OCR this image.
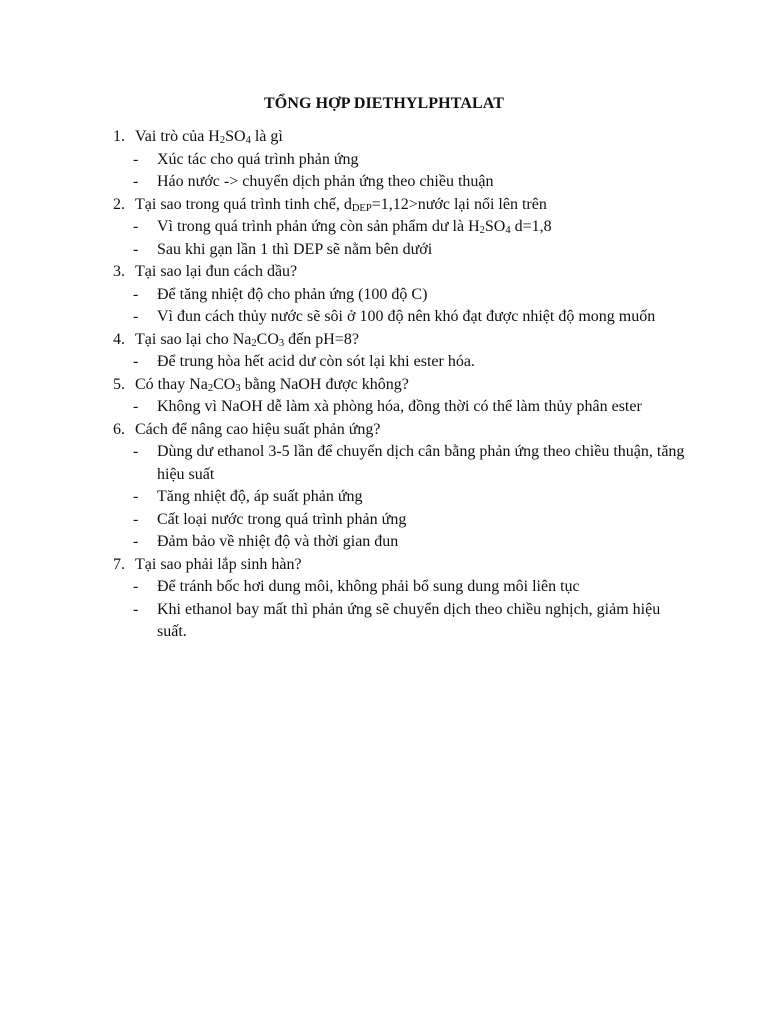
TỔNG HỢP DIETHYLPHTALAT
1. Vai trò của $H_2SO_4$ là gì
- Xúc tác cho quá trình phản ứng
- Háo nước -> chuyển dịch phản ứng theo chiều thuận
2. Tại sao trong quá trình tinh chế, $d_{DEP}=1,12>nước$ lại nổi lên trên
- Vì trong quá trình phản ứng còn sản phẩm dư là $H_2SO_4$ d=1,8
- Sau khi gạn lần 1 thì DEP sẽ nằm bên dưới
3. Tại sao lại đun cách dầu?
- Để tăng nhiệt độ cho phản ứng (100 độ C)
- Vì đun cách thủy nước sẽ sôi ở 100 độ nên khó đạt được nhiệt độ mong muốn
4. Tại sao lại cho $Na_2CO_3$ đến pH=8?
- Để trung hòa hết acid dư còn sót lại khi ester hóa.
5. Có thay $Na_2CO_3$ bằng NaOH được không?
- Không vì NaOH dễ làm xà phòng hóa, đồng thời có thể làm thủy phân ester
6. Cách để nâng cao hiệu suất phản ứng?
- Dùng dư ethanol 3-5 lần để chuyển dịch cân bằng phản ứng theo chiều thuận, tăng hiệu suất
- Tăng nhiệt độ, áp suất phản ứng
- Cất loại nước trong quá trình phản ứng
- Đảm bảo về nhiệt độ và thời gian đun
7. Tại sao phải lắp sinh hàn?
- Để tránh bốc hơi dung môi, không phải bổ sung dung môi liên tục
- Khi ethanol bay mất thì phản ứng sẽ chuyển dịch theo chiều nghịch, giảm hiệu suất.
